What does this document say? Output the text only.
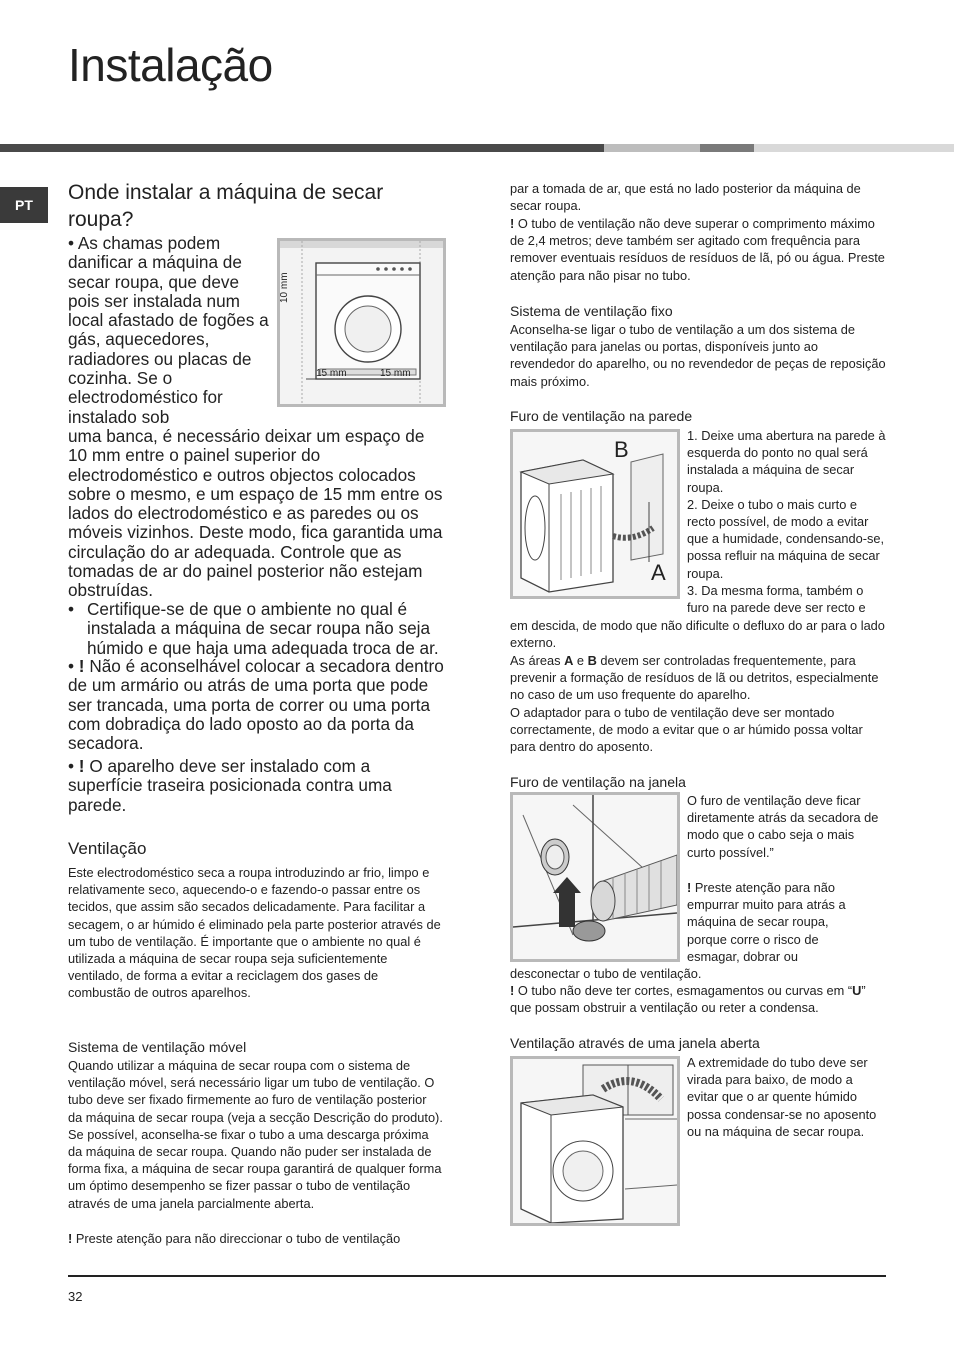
Instalação
PT
Onde instalar a máquina de secar roupa?

• As chamas podem danificar a máquina de secar roupa, que deve pois ser instalada num local afastado de fogões a gás, aquecedores, radiadores ou placas de cozinha. Se o electrodoméstico for instalado sob

10 mm
15 mm	15 mm

uma banca, é necessário deixar um espaço de 10 mm entre o painel superior do electrodoméstico e outros objectos colocados sobre o mesmo, e um espaço de 15 mm entre os lados do electrodoméstico e as paredes ou os móveis vizinhos. Deste modo, fica garantida uma circulação do ar adequada. Controle que as tomadas de ar do painel posterior não estejam obstruídas.

• Certifique-se de que o ambiente no qual é instalada a máquina de secar roupa não seja húmido e que haja uma adequada troca de ar.

• ! Não é aconselhável colocar a secadora dentro de um armário ou atrás de uma porta que pode ser trancada, uma porta de correr ou uma porta com dobradiça do lado oposto ao da porta da secadora.

• ! O aparelho deve ser instalado com a superfície traseira posicionada contra uma parede.

Ventilação

Este electrodoméstico seca a roupa introduzindo ar frio, limpo e relativamente seco, aquecendo-o e fazendo-o passar entre os tecidos, que assim são secados delicadamente. Para facilitar a secagem, o ar húmido é eliminado pela parte posterior através de um tubo de ventilação. É importante que o ambiente no qual é utilizada a máquina de secar roupa seja suficientemente ventilado, de forma a evitar a reciclagem dos gases de combustão de outros aparelhos.

Sistema de ventilação móvel

Quando utilizar a máquina de secar roupa com o sistema de ventilação móvel, será necessário ligar um tubo de ventilação. O tubo deve ser fixado firmemente ao furo de ventilação posterior da máquina de secar roupa (veja a secção Descrição do produto). Se possível, aconselha-se fixar o tubo a uma descarga próxima da máquina de secar roupa. Quando não puder ser instalada de forma fixa, a máquina de secar roupa garantirá de qualquer forma um óptimo desempenho se fizer passar o tubo de ventilação através de uma janela parcialmente aberta.

! Preste atenção para não direccionar o tubo de ventilação

par a tomada de ar, que está no lado posterior da máquina de secar roupa.

! O tubo de ventilação não deve superar o comprimento máximo de 2,4 metros; deve também ser agitado com frequência para remover eventuais resíduos de resíduos de lã, pó ou água. Preste atenção para não pisar no tubo.

Sistema de ventilação fixo

Aconselha-se ligar o tubo de ventilação a um dos sistema de ventilação para janelas ou portas, disponíveis junto ao revendedor do aparelho, ou no revendedor de peças de reposição mais próximo.

Furo de ventilação na parede
B
A

1. Deixe uma abertura na parede à esquerda do ponto no qual será instalada a máquina de secar roupa.
2. Deixe o tubo o mais curto e recto possível, de modo a evitar que a humidade, condensando-se, possa refluir na máquina de secar roupa.
3. Da mesma forma, também o furo na parede deve ser recto e

em descida, de modo que não dificulte o defluxo do ar para o lado externo.

As áreas A e B devem ser controladas frequentemente, para prevenir a formação de resíduos de lã ou detritos, especialmente no caso de um uso frequente do aparelho.

O adaptador para o tubo de ventilação deve ser montado correctamente, de modo a evitar que o ar húmido possa voltar para dentro do aposento.

Furo de ventilação na janela

O furo de ventilação deve ficar diretamente atrás da secadora de modo que o cabo seja o mais curto possível.”

! Preste atenção para não empurrar muito para atrás a máquina de secar roupa, porque corre o risco de esmagar, dobrar ou

desconectar o tubo de ventilação.

! O tubo não deve ter cortes, esmagamentos ou curvas em “U” que possam obstruir a ventilação ou reter a condensa.

Ventilação através de uma janela aberta

A extremidade do tubo deve ser virada para baixo, de modo a evitar que o ar quente húmido possa condensar-se no aposento ou na máquina de secar roupa.

32
